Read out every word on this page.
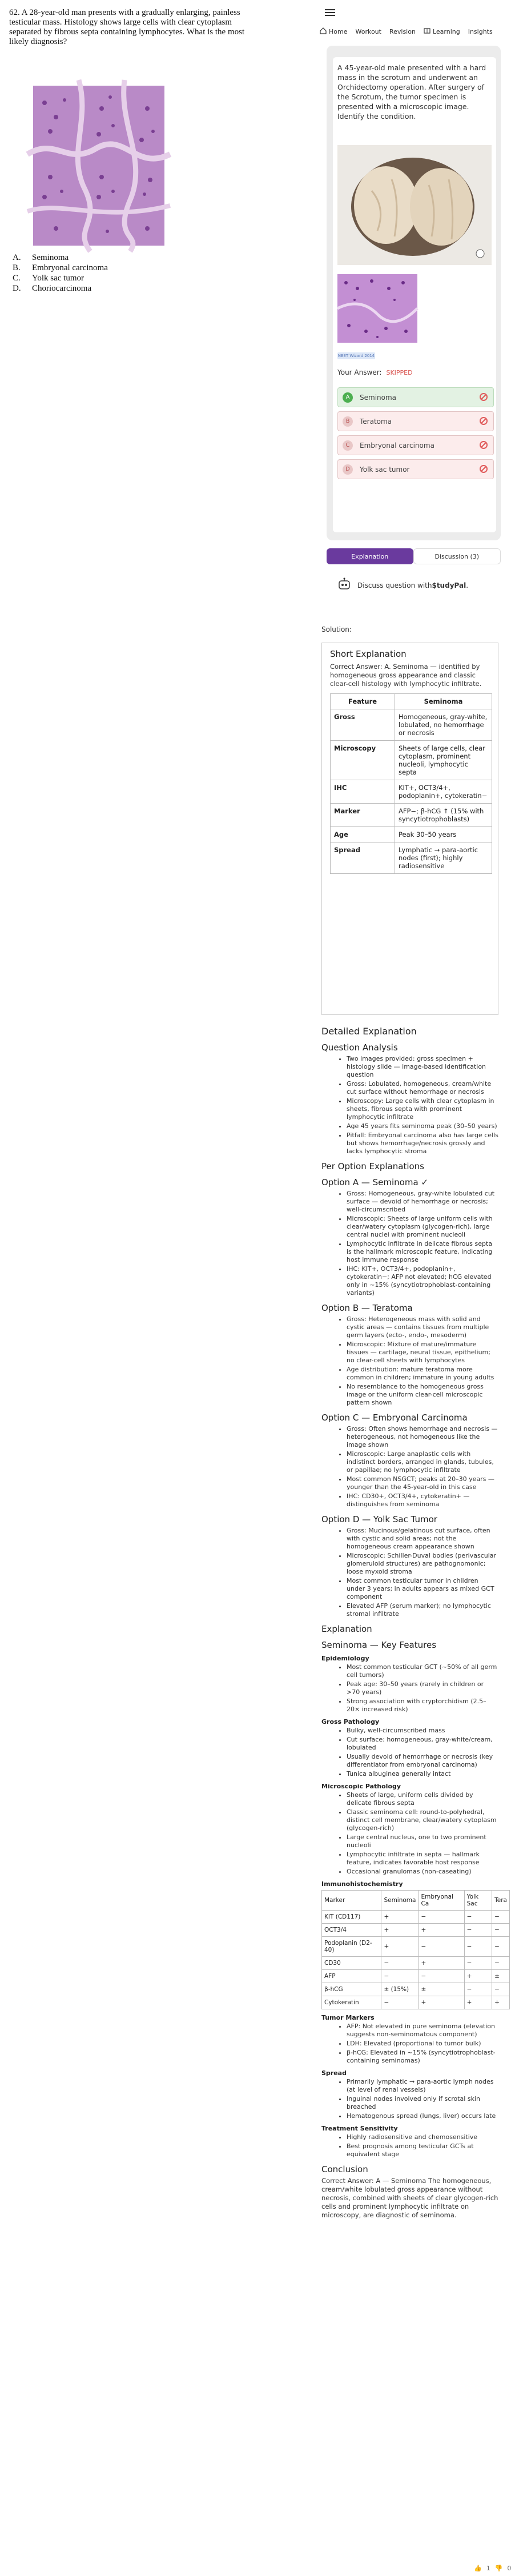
62. A 28-year-old man presents with a gradually enlarging, painless testicular mass. Histology shows large cells with clear cytoplasm separated by fibrous septa containing lymphocytes. What is the most likely diagnosis?

A.	Seminoma
B.	Embryonal carcinoma
C.	Yolk sac tumor
D.	Choriocarcinoma
Home Workout Revision	Learning Insights

A 45-year-old male presented with a hard mass in the scrotum and underwent an Orchidectomy operation. After surgery of the Scrotum, the tumor specimen is presented with a microscopic image. Identify the condition.

NEET Wizard 2014
Your Answer: SKIPPED
A	Seminoma
B	Teratoma
C	Embryonal carcinoma
D	Yolk sac tumor
Explanation	Discussion (3)
Discuss question with $tudyPal .
Solution:
Short Explanation

Correct Answer: A. Seminoma — identified by homogeneous gross appearance and classic clear-cell histology with lymphocytic infiltrate.

Feature	Seminoma
Gross	Homogeneous, gray-white, lobulated, no hemorrhage or necrosis
Microscopy	Sheets of large cells, clear cytoplasm, prominent nucleoli, lymphocytic septa
IHC	KIT+, OCT3/4+, podoplanin+, cytokeratin−
Marker	AFP−; β-hCG ↑ (15% with syncytiotrophoblasts)
Age	Peak 30–50 years
Spread	Lymphatic → para-aortic nodes (first); highly radiosensitive
Detailed Explanation
Question Analysis
• Two images provided: gross specimen + histology slide — image-based identification question
• Gross: Lobulated, homogeneous, cream/white cut surface without hemorrhage or necrosis
• Microscopy: Large cells with clear cytoplasm in sheets, fibrous septa with prominent lymphocytic infiltrate
• Age 45 years fits seminoma peak (30–50 years)
• Pitfall: Embryonal carcinoma also has large cells but shows hemorrhage/necrosis grossly and lacks lymphocytic stroma
Per Option Explanations
Option A — Seminoma ✓
• Gross: Homogeneous, gray-white lobulated cut surface — devoid of hemorrhage or necrosis; well-circumscribed
• Microscopic: Sheets of large uniform cells with clear/watery cytoplasm (glycogen-rich), large central nuclei with prominent nucleoli
• Lymphocytic infiltrate in delicate fibrous septa is the hallmark microscopic feature, indicating host immune response
• IHC: KIT+, OCT3/4+, podoplanin+, cytokeratin−; AFP not elevated; hCG elevated only in ~15% (syncytiotrophoblast-containing variants)
Option B — Teratoma
• Gross: Heterogeneous mass with solid and cystic areas — contains tissues from multiple germ layers (ecto-, endo-, mesoderm)
• Microscopic: Mixture of mature/immature tissues — cartilage, neural tissue, epithelium; no clear-cell sheets with lymphocytes
• Age distribution: mature teratoma more common in children; immature in young adults
• No resemblance to the homogeneous gross image or the uniform clear-cell microscopic pattern shown
Option C — Embryonal Carcinoma
• Gross: Often shows hemorrhage and necrosis — heterogeneous, not homogeneous like the image shown
• Microscopic: Large anaplastic cells with indistinct borders, arranged in glands, tubules, or papillae; no lymphocytic infiltrate
• Most common NSGCT; peaks at 20–30 years — younger than the 45-year-old in this case
• IHC: CD30+, OCT3/4+, cytokeratin+ — distinguishes from seminoma
Option D — Yolk Sac Tumor
• Gross: Mucinous/gelatinous cut surface, often with cystic and solid areas; not the homogeneous cream appearance shown
• Microscopic: Schiller-Duval bodies (perivascular glomeruloid structures) are pathognomonic; loose myxoid stroma
• Most common testicular tumor in children under 3 years; in adults appears as mixed GCT component
• Elevated AFP (serum marker); no lymphocytic stromal infiltrate
Explanation
Seminoma — Key Features
Epidemiology
• Most common testicular GCT (~50% of all germ cell tumors)
• Peak age: 30–50 years (rarely in children or >70 years)
• Strong association with cryptorchidism (2.5–20× increased risk)
Gross Pathology
• Bulky, well-circumscribed mass
• Cut surface: homogeneous, gray-white/cream, lobulated
• Usually devoid of hemorrhage or necrosis (key differentiator from embryonal carcinoma)
• Tunica albuginea generally intact
Microscopic Pathology
• Sheets of large, uniform cells divided by delicate fibrous septa
• Classic seminoma cell: round-to-polyhedral, distinct cell membrane, clear/watery cytoplasm (glycogen-rich)
• Large central nucleus, one to two prominent nucleoli
• Lymphocytic infiltrate in septa — hallmark feature, indicates favorable host response
• Occasional granulomas (non-caseating)
Immunohistochemistry
Marker	Seminoma	Embryonal Ca	Yolk Sac	Tera
KIT (CD117)	+	−	−	−
OCT3/4	+	+	−	−
Podoplanin (D2-40)	+	−	−	−
CD30	−	+	−	−
AFP	−	−	+	±
β-hCG	± (15%)	±	−	−
Cytokeratin	−	+	+	+
Tumor Markers
• AFP: Not elevated in pure seminoma (elevation suggests non-seminomatous component)
• LDH: Elevated (proportional to tumor bulk)
• β-hCG: Elevated in ~15% (syncytiotrophoblast-containing seminomas)
Spread
• Primarily lymphatic → para-aortic lymph nodes (at level of renal vessels)
• Inguinal nodes involved only if scrotal skin breached
• Hematogenous spread (lungs, liver) occurs late
Treatment Sensitivity
• Highly radiosensitive and chemosensitive
• Best prognosis among testicular GCTs at equivalent stage
Conclusion

Correct Answer: A — Seminoma The homogeneous, cream/white lobulated gross appearance without necrosis, combined with sheets of clear glycogen-rich cells and prominent lymphocytic infiltrate on microscopy, are diagnostic of seminoma.

👍 1 👎 0
